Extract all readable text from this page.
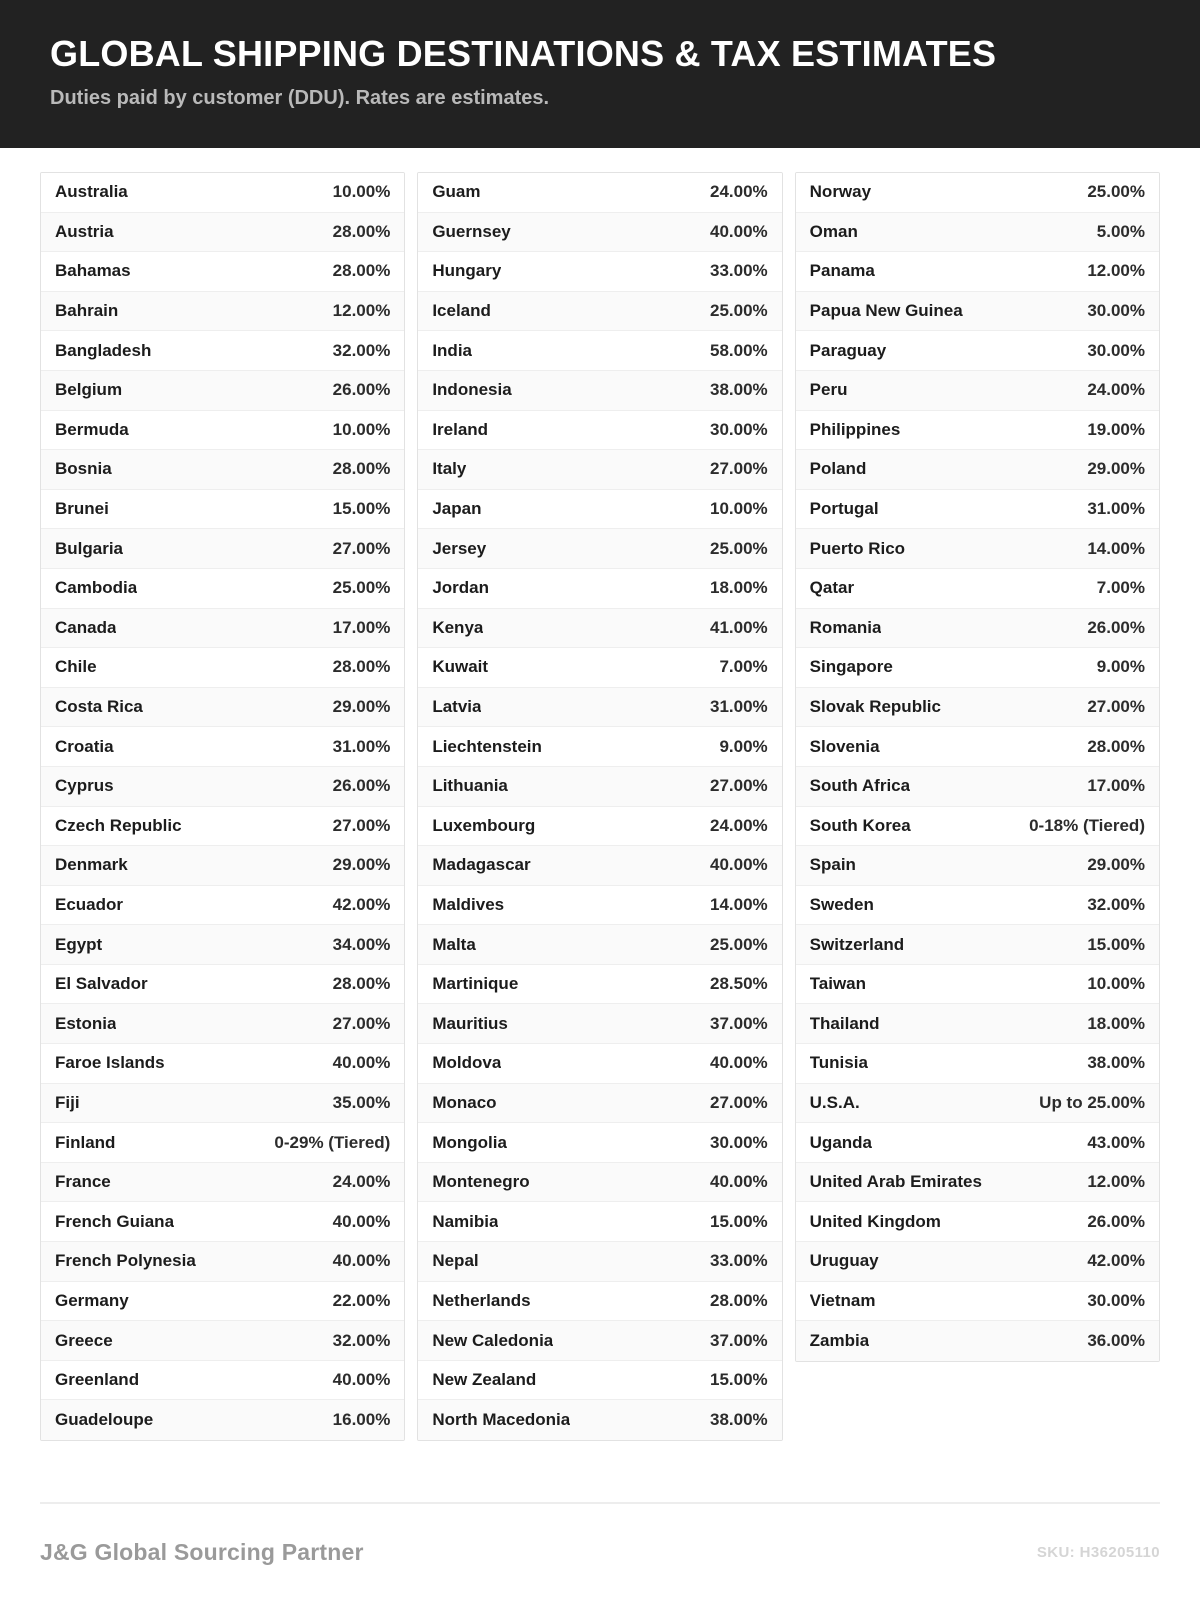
GLOBAL SHIPPING DESTINATIONS & TAX ESTIMATES

Duties paid by customer (DDU). Rates are estimates.

Australia	10.00%
Austria	28.00%
Bahamas	28.00%
Bahrain	12.00%
Bangladesh	32.00%
Belgium	26.00%
Bermuda	10.00%
Bosnia	28.00%
Brunei	15.00%
Bulgaria	27.00%
Cambodia	25.00%
Canada	17.00%
Chile	28.00%
Costa Rica	29.00%
Croatia	31.00%
Cyprus	26.00%
Czech Republic	27.00%
Denmark	29.00%
Ecuador	42.00%
Egypt	34.00%
El Salvador	28.00%
Estonia	27.00%
Faroe Islands	40.00%
Fiji	35.00%
Finland	0-29% (Tiered)
France	24.00%
French Guiana	40.00%
French Polynesia	40.00%
Germany	22.00%
Greece	32.00%
Greenland	40.00%
Guadeloupe	16.00%
Guam	24.00%
Guernsey	40.00%
Hungary	33.00%
Iceland	25.00%
India	58.00%
Indonesia	38.00%
Ireland	30.00%
Italy	27.00%
Japan	10.00%
Jersey	25.00%
Jordan	18.00%
Kenya	41.00%
Kuwait	7.00%
Latvia	31.00%
Liechtenstein	9.00%
Lithuania	27.00%
Luxembourg	24.00%
Madagascar	40.00%
Maldives	14.00%
Malta	25.00%
Martinique	28.50%
Mauritius	37.00%
Moldova	40.00%
Monaco	27.00%
Mongolia	30.00%
Montenegro	40.00%
Namibia	15.00%
Nepal	33.00%
Netherlands	28.00%
New Caledonia	37.00%
New Zealand	15.00%
North Macedonia	38.00%
Norway	25.00%
Oman	5.00%
Panama	12.00%
Papua New Guinea	30.00%
Paraguay	30.00%
Peru	24.00%
Philippines	19.00%
Poland	29.00%
Portugal	31.00%
Puerto Rico	14.00%
Qatar	7.00%
Romania	26.00%
Singapore	9.00%
Slovak Republic	27.00%
Slovenia	28.00%
South Africa	17.00%
South Korea	0-18% (Tiered)
Spain	29.00%
Sweden	32.00%
Switzerland	15.00%
Taiwan	10.00%
Thailand	18.00%
Tunisia	38.00%
U.S.A.	Up to 25.00%
Uganda	43.00%
United Arab Emirates	12.00%
United Kingdom	26.00%
Uruguay	42.00%
Vietnam	30.00%
Zambia	36.00%
J&G Global Sourcing Partner	SKU: H36205110
